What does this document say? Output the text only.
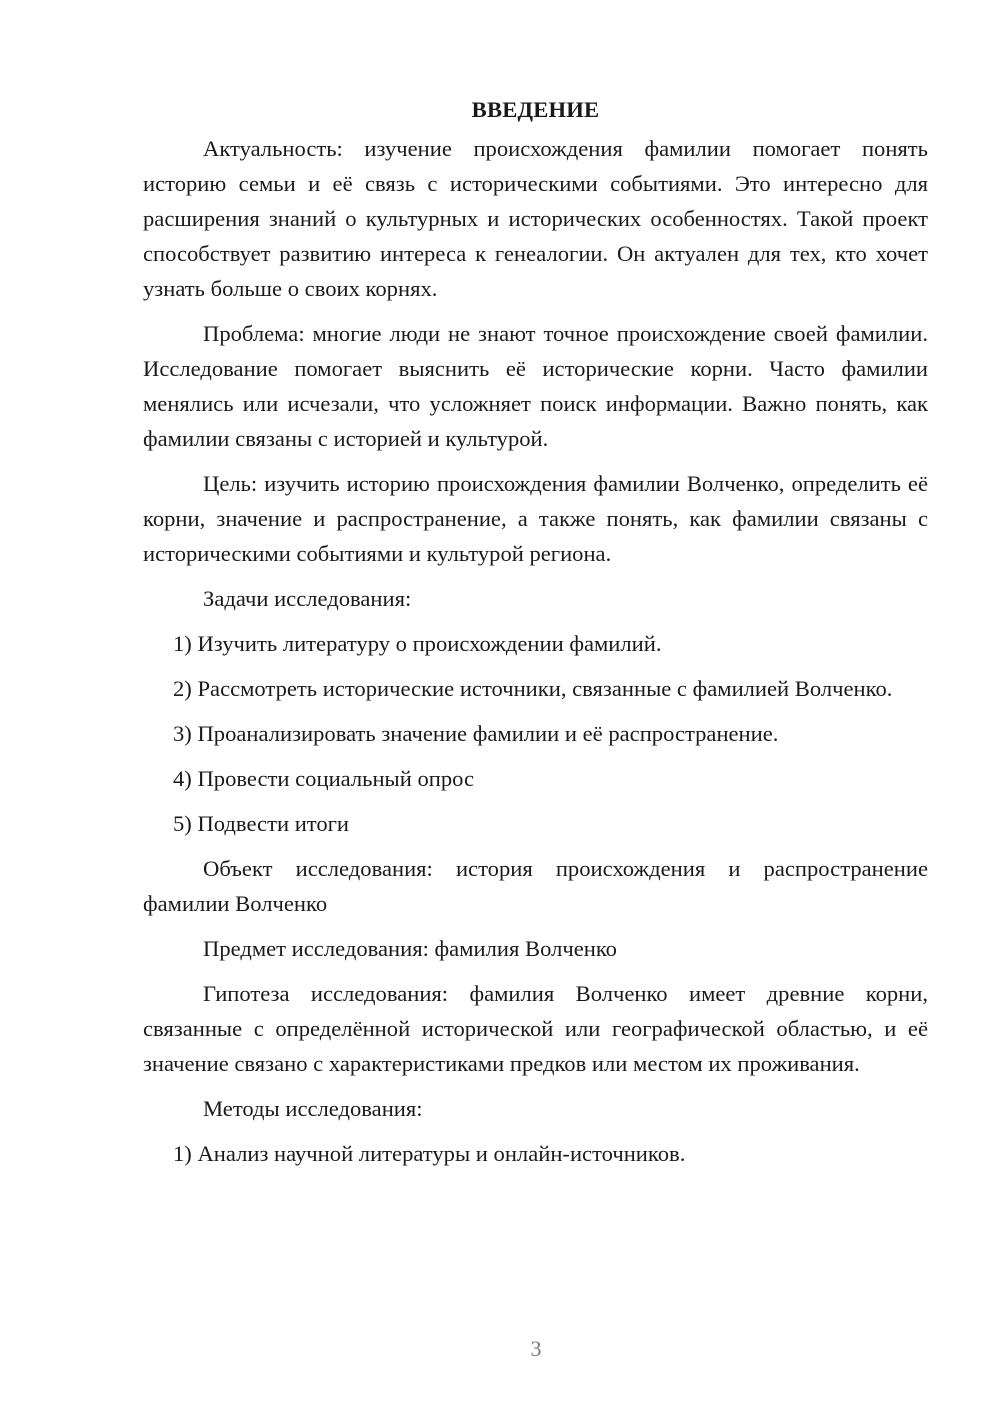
ВВЕДЕНИЕ

Актуальность: изучение происхождения фамилии помогает понять историю семьи и её связь с историческими событиями. Это интересно для расширения знаний о культурных и исторических особенностях. Такой проект способствует развитию интереса к генеалогии. Он актуален для тех, кто хочет узнать больше о своих корнях.

Проблема: многие люди не знают точное происхождение своей фамилии. Исследование помогает выяснить её исторические корни. Часто фамилии менялись или исчезали, что усложняет поиск информации. Важно понять, как фамилии связаны с историей и культурой.

Цель: изучить историю происхождения фамилии Волченко, определить её корни, значение и распространение, а также понять, как фамилии связаны с историческими событиями и культурой региона.

Задачи исследования:

1) Изучить литературу о происхождении фамилий.

2) Рассмотреть исторические источники, связанные с фамилией Волченко.

3) Проанализировать значение фамилии и её распространение.

4) Провести социальный опрос

5) Подвести итоги

Объект исследования: история происхождения и распространение фамилии Волченко

Предмет исследования: фамилия Волченко

Гипотеза исследования: фамилия Волченко имеет древние корни, связанные с определённой исторической или географической областью, и её значение связано с характеристиками предков или местом их проживания.

Методы исследования:

1) Анализ научной литературы и онлайн-источников.

3
